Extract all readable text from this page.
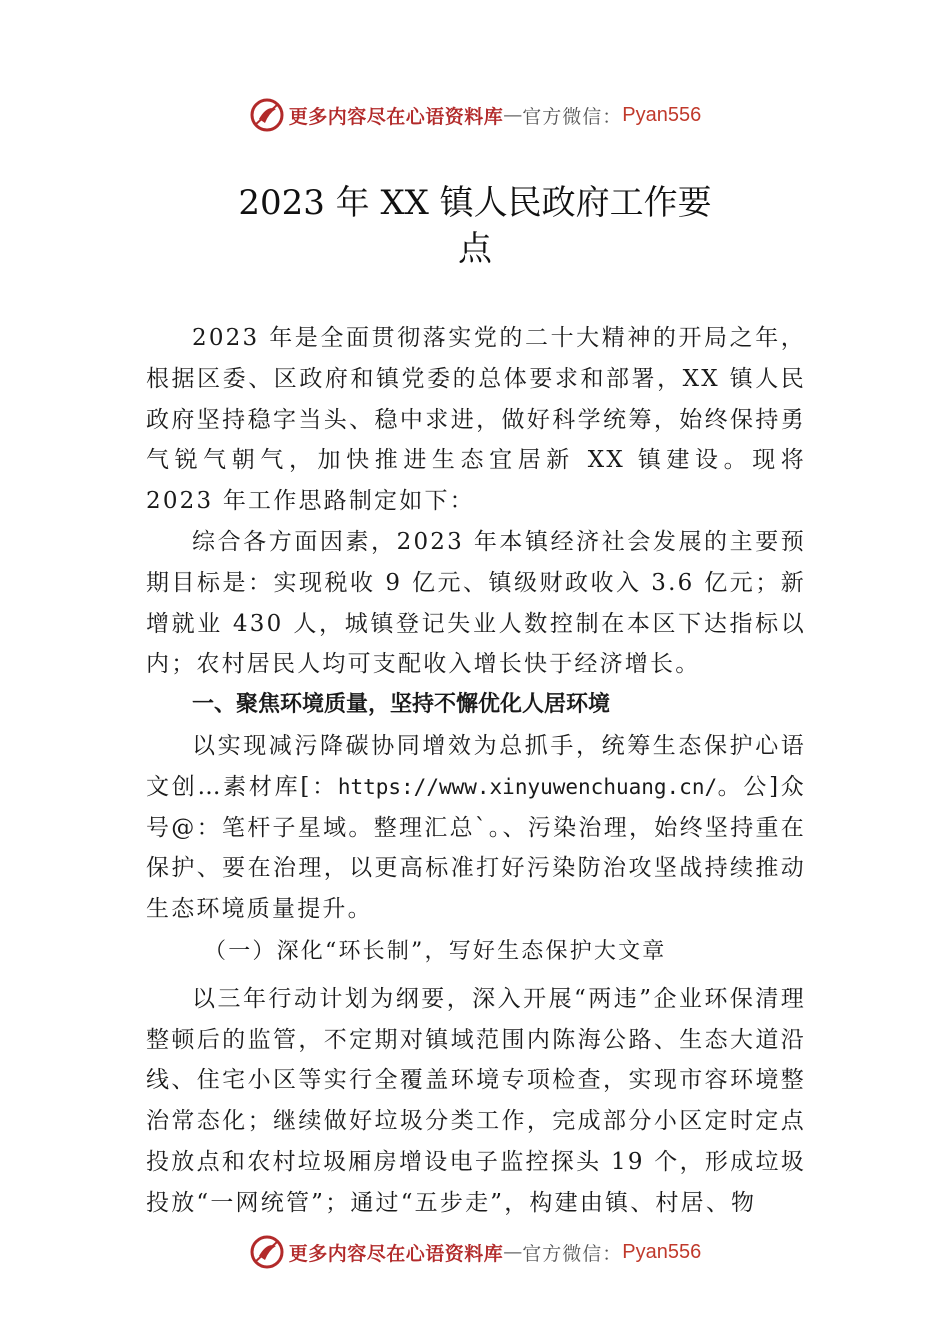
更多内容尽在心语资料库 — 官方微信： Pyan556
2023 年 XX 镇人民政府工作要
点

2023 年是全面贯彻落实党的二十大精神的开局之年，根据区委、区政府和镇党委的总体要求和部署，XX 镇人民政府坚持稳字当头、稳中求进，做好科学统筹，始终保持勇气锐气朝气，加快推进生态宜居新 XX 镇建设。现将 2023 年工作思路制定如下：

综合各方面因素，2023 年本镇经济社会发展的主要预期目标是：实现税收 9 亿元、镇级财政收入 3.6 亿元；新增就业 430 人，城镇登记失业人数控制在本区下达指标以内；农村居民人均可支配收入增长快于经济增长。

一、聚焦环境质量，坚持不懈优化人居环境

以实现减污降碳协同增效为总抓手，统筹生态保护心语文创…素材库[：https://www.xinyuwenchuang.cn/。公]众号@：笔杆子星域。整理汇总`。、污染治理，始终坚持重在保护、要在治理，以更高标准打好污染防治攻坚战持续推动生态环境质量提升。

（一）深化“环长制”，写好生态保护大文章

以三年行动计划为纲要，深入开展“两违”企业环保清理整顿后的监管，不定期对镇域范围内陈海公路、生态大道沿线、住宅小区等实行全覆盖环境专项检查，实现市容环境整治常态化；继续做好垃圾分类工作，完成部分小区定时定点投放点和农村垃圾厢房增设电子监控探头 19 个，形成垃圾投放“一网统管”；通过“五步走”，构建由镇、村居、物

更多内容尽在心语资料库 — 官方微信： Pyan556
